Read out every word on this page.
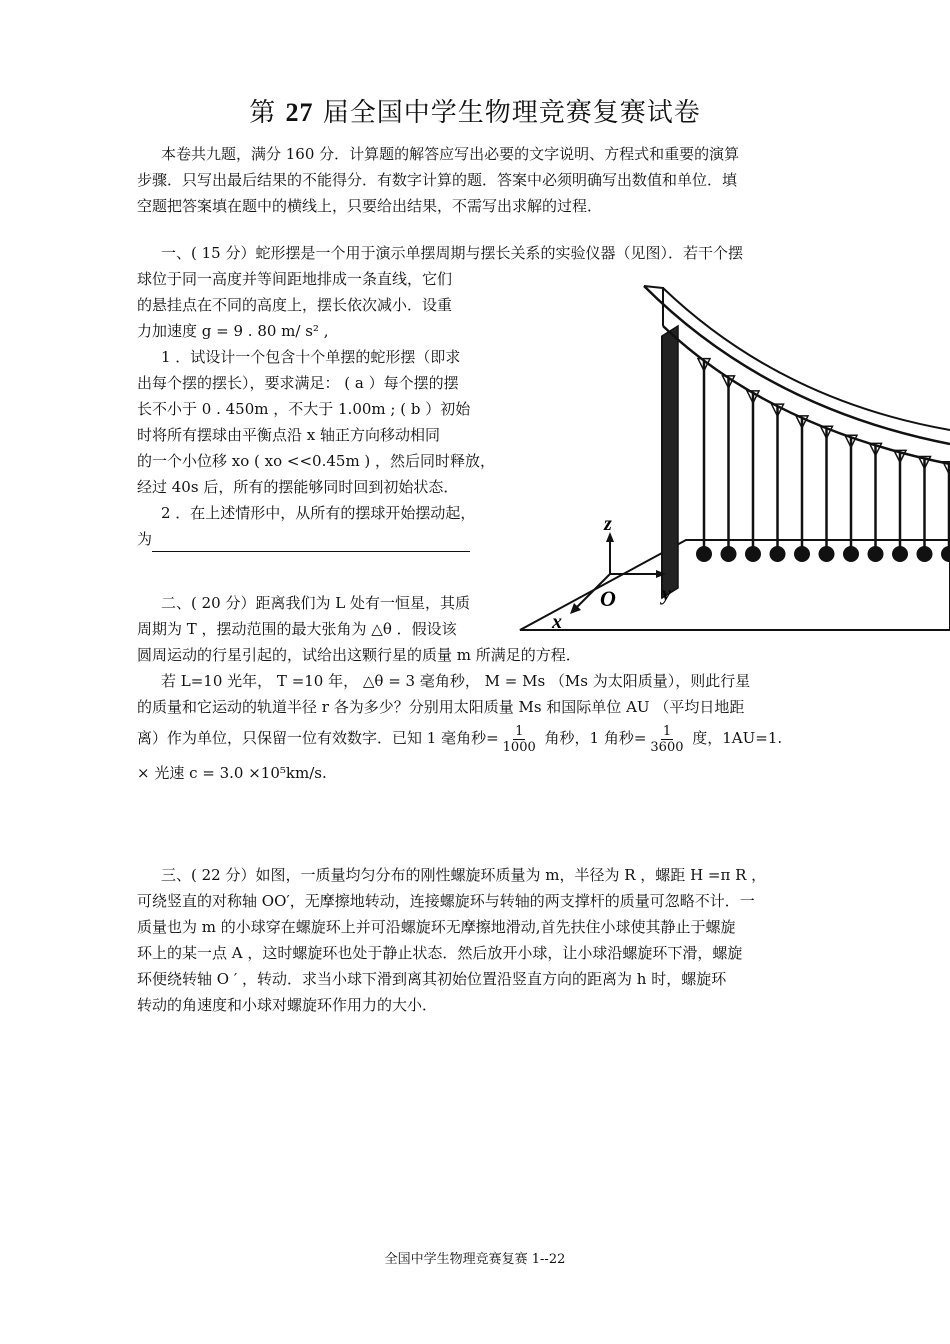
第 27 届全国中学生物理竞赛复赛试卷
本卷共九题，满分 160 分．计算题的解答应写出必要的文字说明、方程式和重要的演算
步骤．只写出最后结果的不能得分．有数字计算的题．答案中必须明确写出数值和单位．填
空题把答案填在题中的横线上，只要给出结果，不需写出求解的过程．
一、( 15 分）蛇形摆是一个用于演示单摆周期与摆长关系的实验仪器（见图）．若干个摆
球位于同一高度并等间距地排成一条直线，它们
的悬挂点在不同的高度上，摆长依次减小．设重
力加速度 g = 9 . 80 m/ s² ,
1 ．试设计一个包含十个单摆的蛇形摆（即求
出每个摆的摆长），要求满足： ( a ）每个摆的摆
长不小于 0 . 450m ，不大于 1.00m ; ( b ）初始
时将所有摆球由平衡点沿 x 轴正方向移动相同
的一个小位移 xo ( xo <<0.45m ) ，然后同时释放，
经过 40s 后，所有的摆能够同时回到初始状态．
2 ．在上述情形中，从所有的摆球开始摆动起，
为
二、( 20 分）距离我们为 L 处有一恒星，其质
周期为 T ，摆动范围的最大张角为 △θ ．假设该
圆周运动的行星引起的，试给出这颗行星的质量 m 所满足的方程．
若 L=10 光年， T =10 年， △θ = 3 毫角秒， M = Ms （Ms 为太阳质量），则此行星
的质量和它运动的轨道半径 r 各为多少？分别用太阳质量 Ms 和国际单位 AU （平均日地距
离）作为单位，只保留一位有效数字．已知 1 毫角秒= $\frac{1}{1000}$ 角秒，1 角秒= $\frac{1}{3600}$ 度，1AU=1.
× 光速 c = 3.0 ×10⁵km/s.
三、( 22 分）如图，一质量均匀分布的刚性螺旋环质量为 m，半径为 R ，螺距 H =π R ，
可绕竖直的对称轴 OO′，无摩擦地转动，连接螺旋环与转轴的两支撑杆的质量可忽略不计．一
质量也为 m 的小球穿在螺旋环上并可沿螺旋环无摩擦地滑动,首先扶住小球使其静止于螺旋
环上的某一点 A ，这时螺旋环也处于静止状态．然后放开小球，让小球沿螺旋环下滑，螺旋
环便绕转轴 O ′ ，转动．求当小球下滑到离其初始位置沿竖直方向的距离为 h 时，螺旋环
转动的角速度和小球对螺旋环作用力的大小．
z
y
x
O
全国中学生物理竞赛复赛 1--22
